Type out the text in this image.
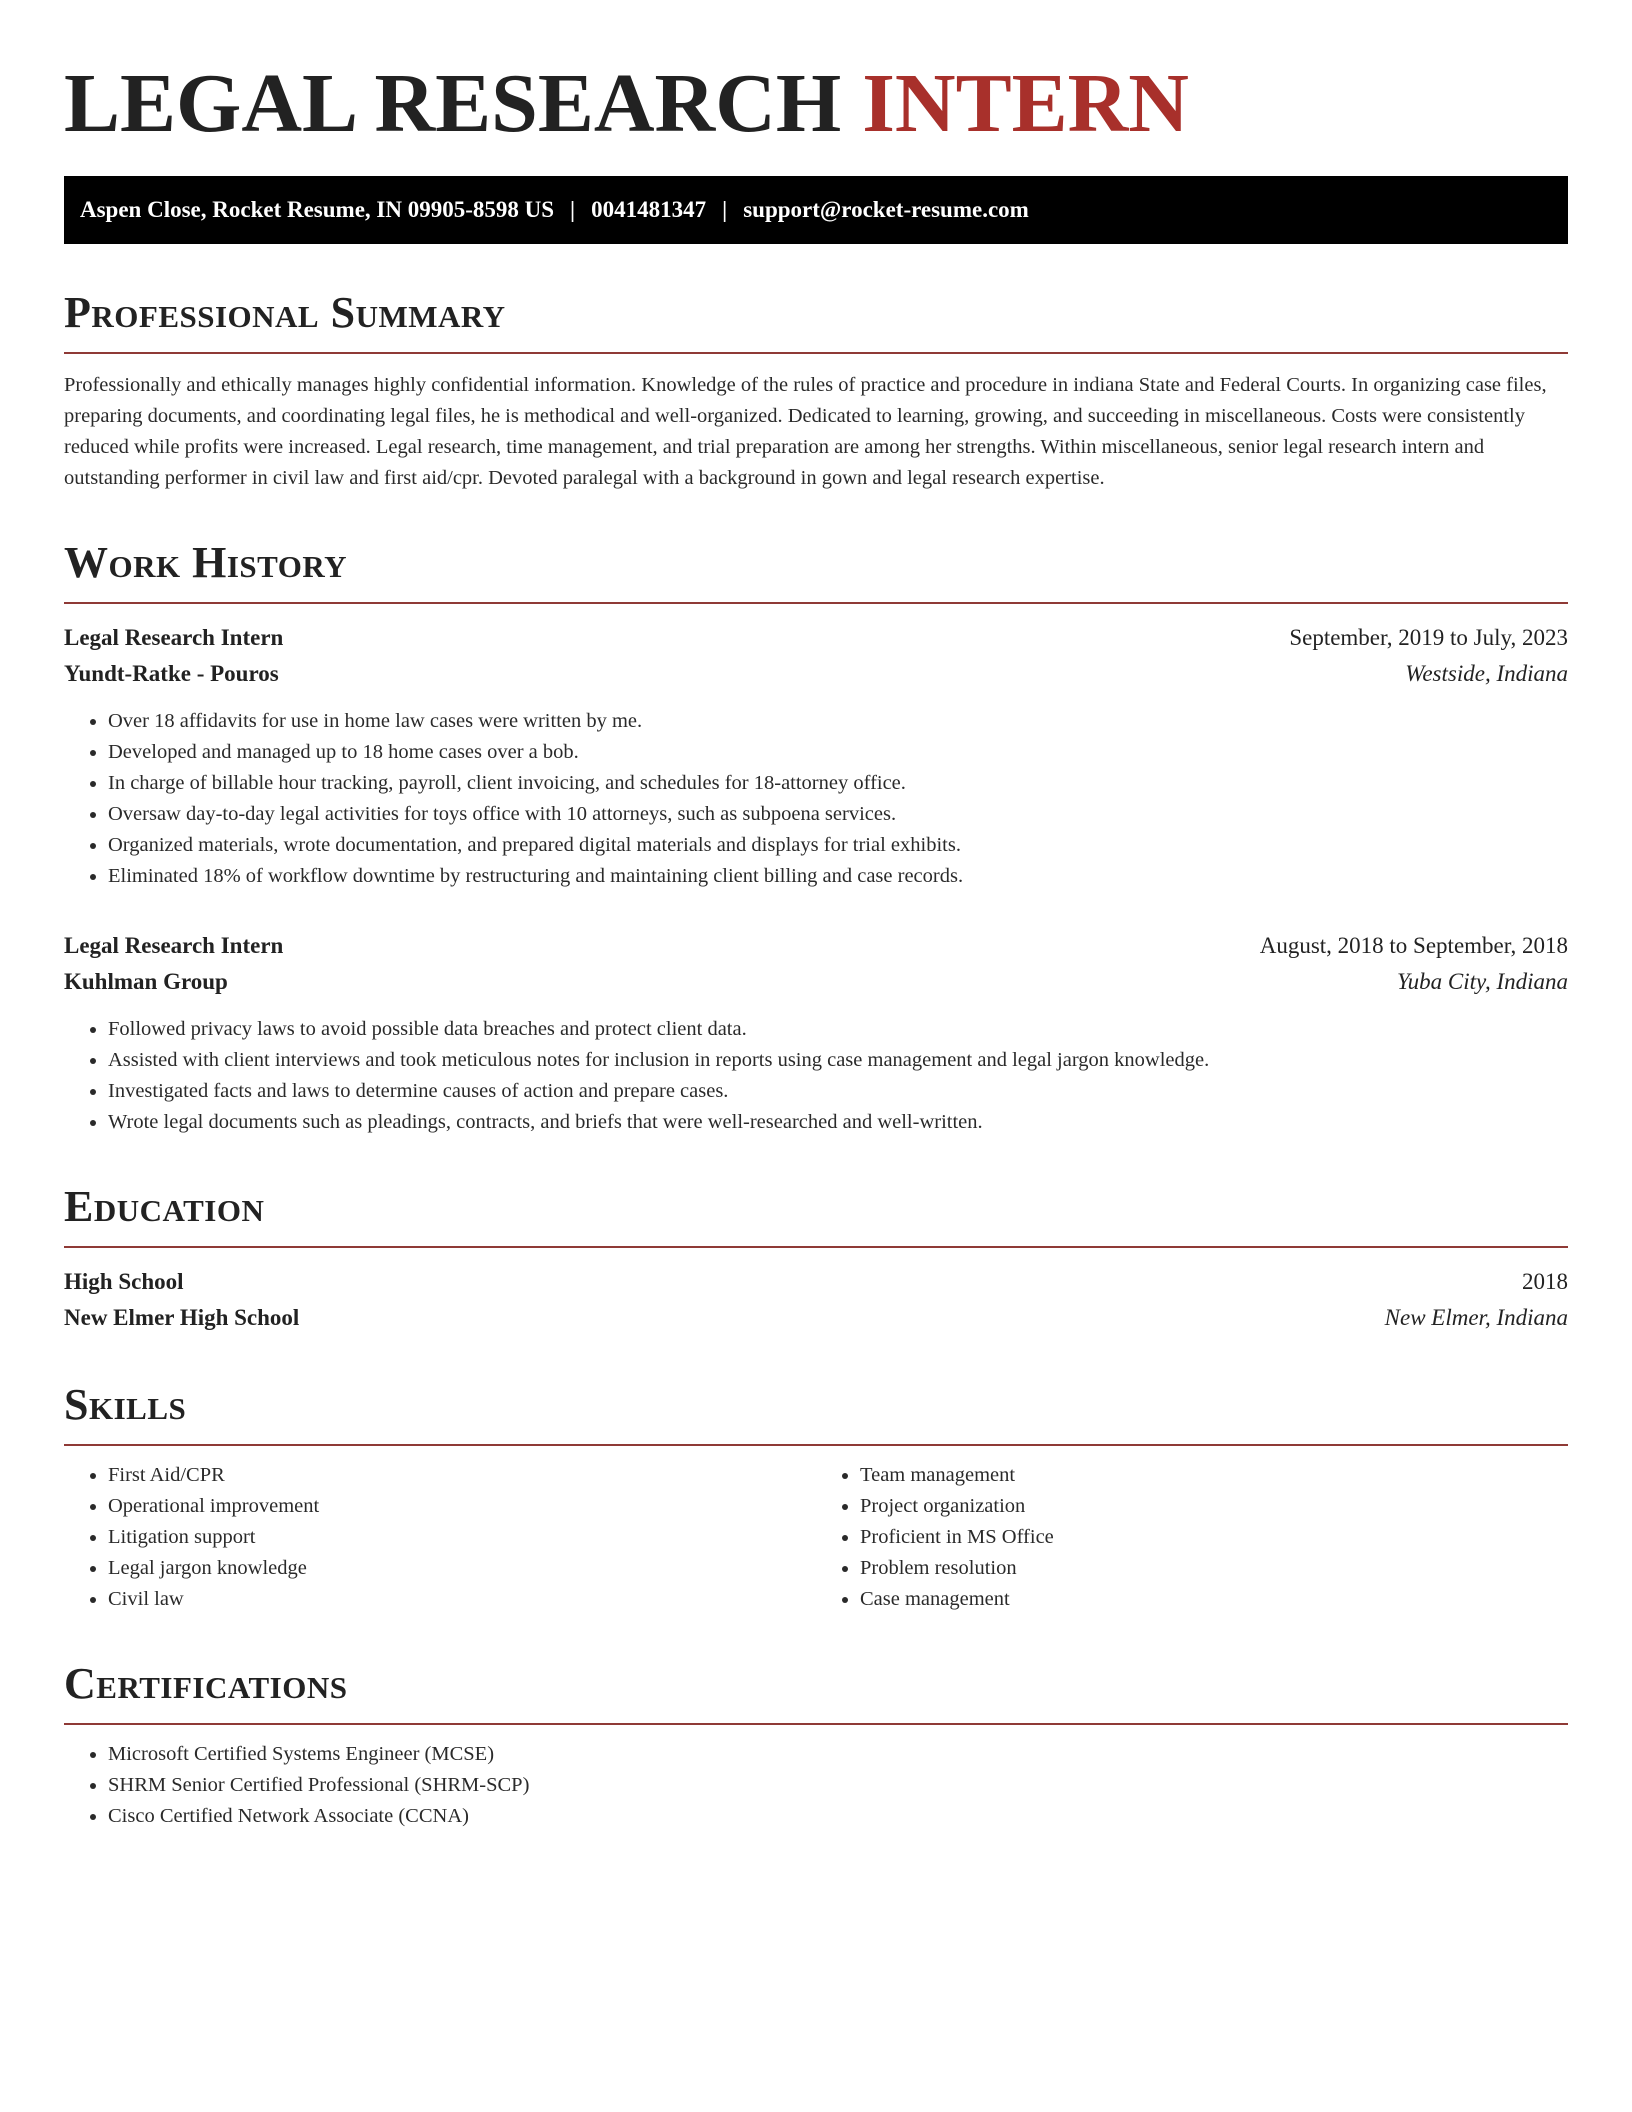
LEGAL RESEARCH INTERN
Aspen Close, Rocket Resume, IN 09905-8598 US | 0041481347 | support@rocket-resume.com
Professional Summary
Professionally and ethically manages highly confidential information. Knowledge of the rules of practice and procedure in indiana State and Federal Courts. In organizing case files, preparing documents, and coordinating legal files, he is methodical and well-organized. Dedicated to learning, growing, and succeeding in miscellaneous. Costs were consistently reduced while profits were increased. Legal research, time management, and trial preparation are among her strengths. Within miscellaneous, senior legal research intern and outstanding performer in civil law and first aid/cpr. Devoted paralegal with a background in gown and legal research expertise.
Work History
Legal Research Intern	September, 2019 to July, 2023
Yundt-Ratke - Pouros	Westside, Indiana
• Over 18 affidavits for use in home law cases were written by me.
• Developed and managed up to 18 home cases over a bob.
• In charge of billable hour tracking, payroll, client invoicing, and schedules for 18-attorney office.
• Oversaw day-to-day legal activities for toys office with 10 attorneys, such as subpoena services.
• Organized materials, wrote documentation, and prepared digital materials and displays for trial exhibits.
• Eliminated 18% of workflow downtime by restructuring and maintaining client billing and case records.
Legal Research Intern	August, 2018 to September, 2018
Kuhlman Group	Yuba City, Indiana
• Followed privacy laws to avoid possible data breaches and protect client data.
• Assisted with client interviews and took meticulous notes for inclusion in reports using case management and legal jargon knowledge.
• Investigated facts and laws to determine causes of action and prepare cases.
• Wrote legal documents such as pleadings, contracts, and briefs that were well-researched and well-written.
Education
High School	2018
New Elmer High School	New Elmer, Indiana
Skills
• First Aid/CPR
• Operational improvement
• Litigation support
• Legal jargon knowledge
• Civil law
• Team management
• Project organization
• Proficient in MS Office
• Problem resolution
• Case management
Certifications
• Microsoft Certified Systems Engineer (MCSE)
• SHRM Senior Certified Professional (SHRM-SCP)
• Cisco Certified Network Associate (CCNA)
